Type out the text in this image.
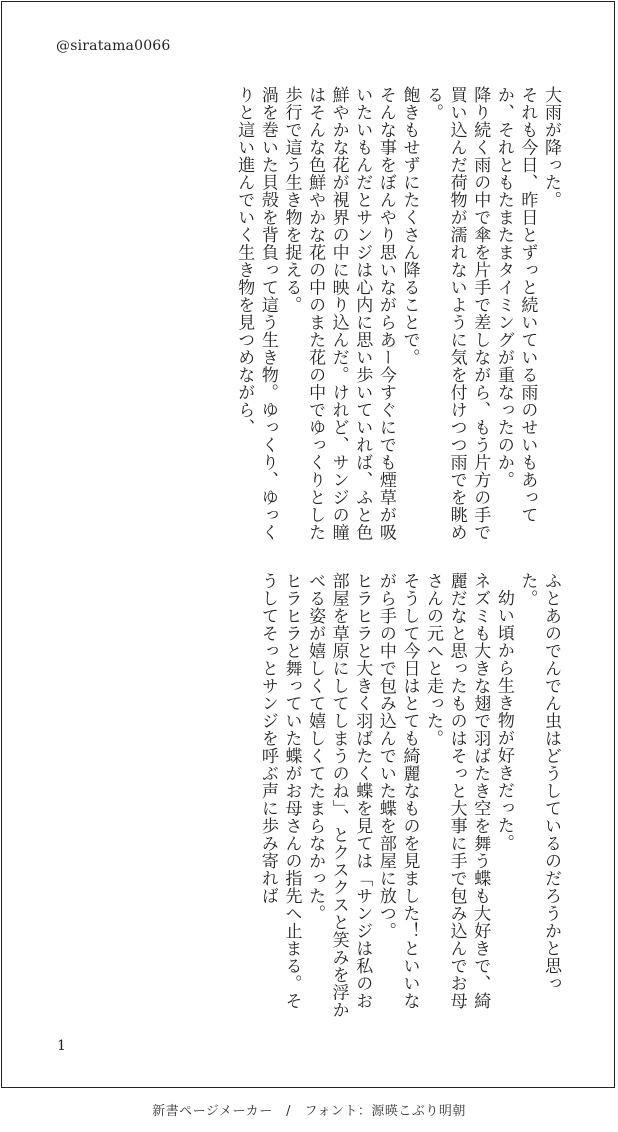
@siratama0066

大雨が降った。

それも今日、昨日とずっと続いている雨のせいもあってか、それともたまたまタイミングが重なったのか。

降り続く雨の中で傘を片手で差しながら、もう片方の手で買い込んだ荷物が濡れないように気を付けつつ雨でを眺める。

飽きもせずにたくさん降ることで。

そんな事をぼんやり思いながらあー今すぐにでも煙草が吸いたいもんだとサンジは心内に思い歩いていれば、ふと色鮮やかな花が視界の中に映り込んだ。けれど、サンジの瞳はそんな色鮮やかな花の中のまた花の中でゆっくりとした歩行で這う生き物を捉える。

渦を巻いた貝殻を背負って這う生き物。ゆっくり、ゆっくりと這い進んでいく生き物を見つめながら、

ふとあのでんでん虫はどうしているのだろうかと思った。

幼い頃から生き物が好きだった。

ネズミも大きな翅で羽ばたき空を舞う蝶も大好きで、綺麗だなと思ったものはそっと大事に手で包み込んでお母さんの元へと走った。

そうして今日はとても綺麗なものを見ました！といいながら手の中で包み込んでいた蝶を部屋に放つ。

ヒラヒラと大きく羽ばたく蝶を見ては「サンジは私のお部屋を草原にしてしまうのね」、とクスクスと笑みを浮かべる姿が嬉しくて嬉しくてたまらなかった。

ヒラヒラと舞っていた蝶がお母さんの指先へ止まる。そうしてそっとサンジを呼ぶ声に歩み寄れば

1
新書ページメーカー　/　フォント：源暎こぶり明朝
